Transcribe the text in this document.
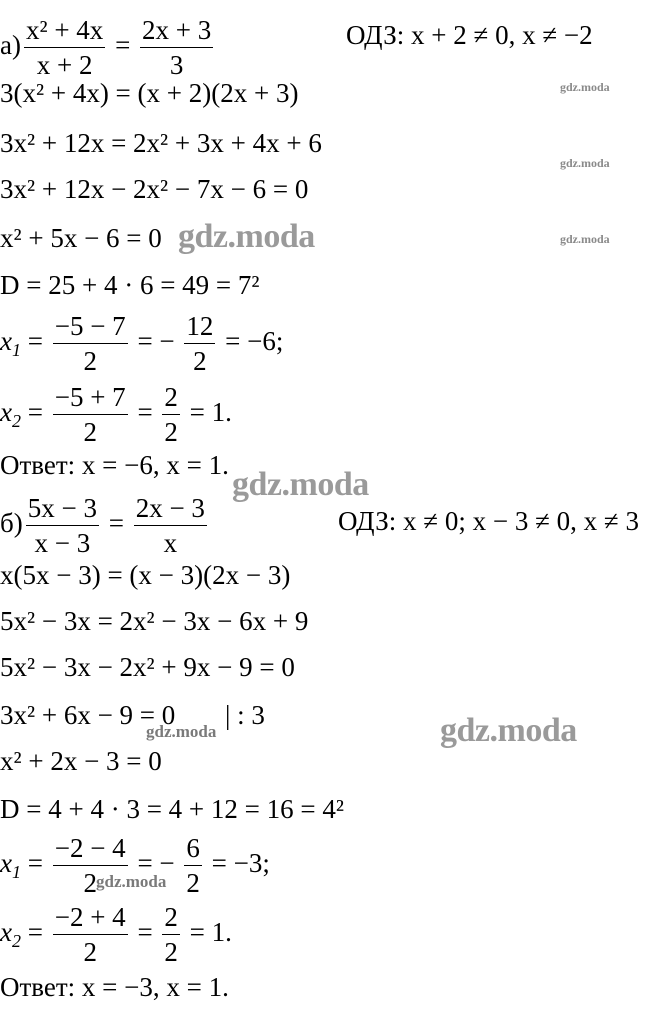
$а) \frac{\text{x² + 4x}}{x + 2} = \frac{2x + 3}{3}$	ОДЗ: x + 2 ≠ 0, x ≠ −2
3(x² + 4x) = (x + 2)(2x + 3)
3x² + 12x = 2x² + 3x + 4x + 6
3x² + 12x − 2x² − 7x − 6 = 0
x² + 5x − 6 = 0
D = 25 + 4 · 6 = 49 = 7²
$x_1 = \frac{-5 - 7}{2}$ = − $\frac{12}{2} = -6$;
$x_2 = \frac{-5 + 7}{2} = \frac{2}{2} = 1$.
Ответ: x = −6, x = 1.
$б) \frac{5x - 3}{x - 3} = \frac{2x - 3}{x}$	ОДЗ: x ≠ 0; x − 3 ≠ 0, x ≠ 3
x(5x − 3) = (x − 3)(2x − 3)
5x² − 3x = 2x² − 3x − 6x + 9
5x² − 3x − 2x² + 9x − 9 = 0
3x² + 6x − 9 = 0 | : 3
x² + 2x − 3 = 0
D = 4 + 4 · 3 = 4 + 12 = 16 = 4²
$x_1 = \frac{-2 - 4}{2}$ = − $\frac{6}{2} = -3$;
$x_2 = \frac{-2 + 4}{2} = \frac{2}{2} = 1$.
Ответ: x = −3, x = 1.
gdz.moda
gdz.moda
gdz.moda
gdz.moda
gdz.moda
gdz.moda
gdz.moda
gdz.moda
